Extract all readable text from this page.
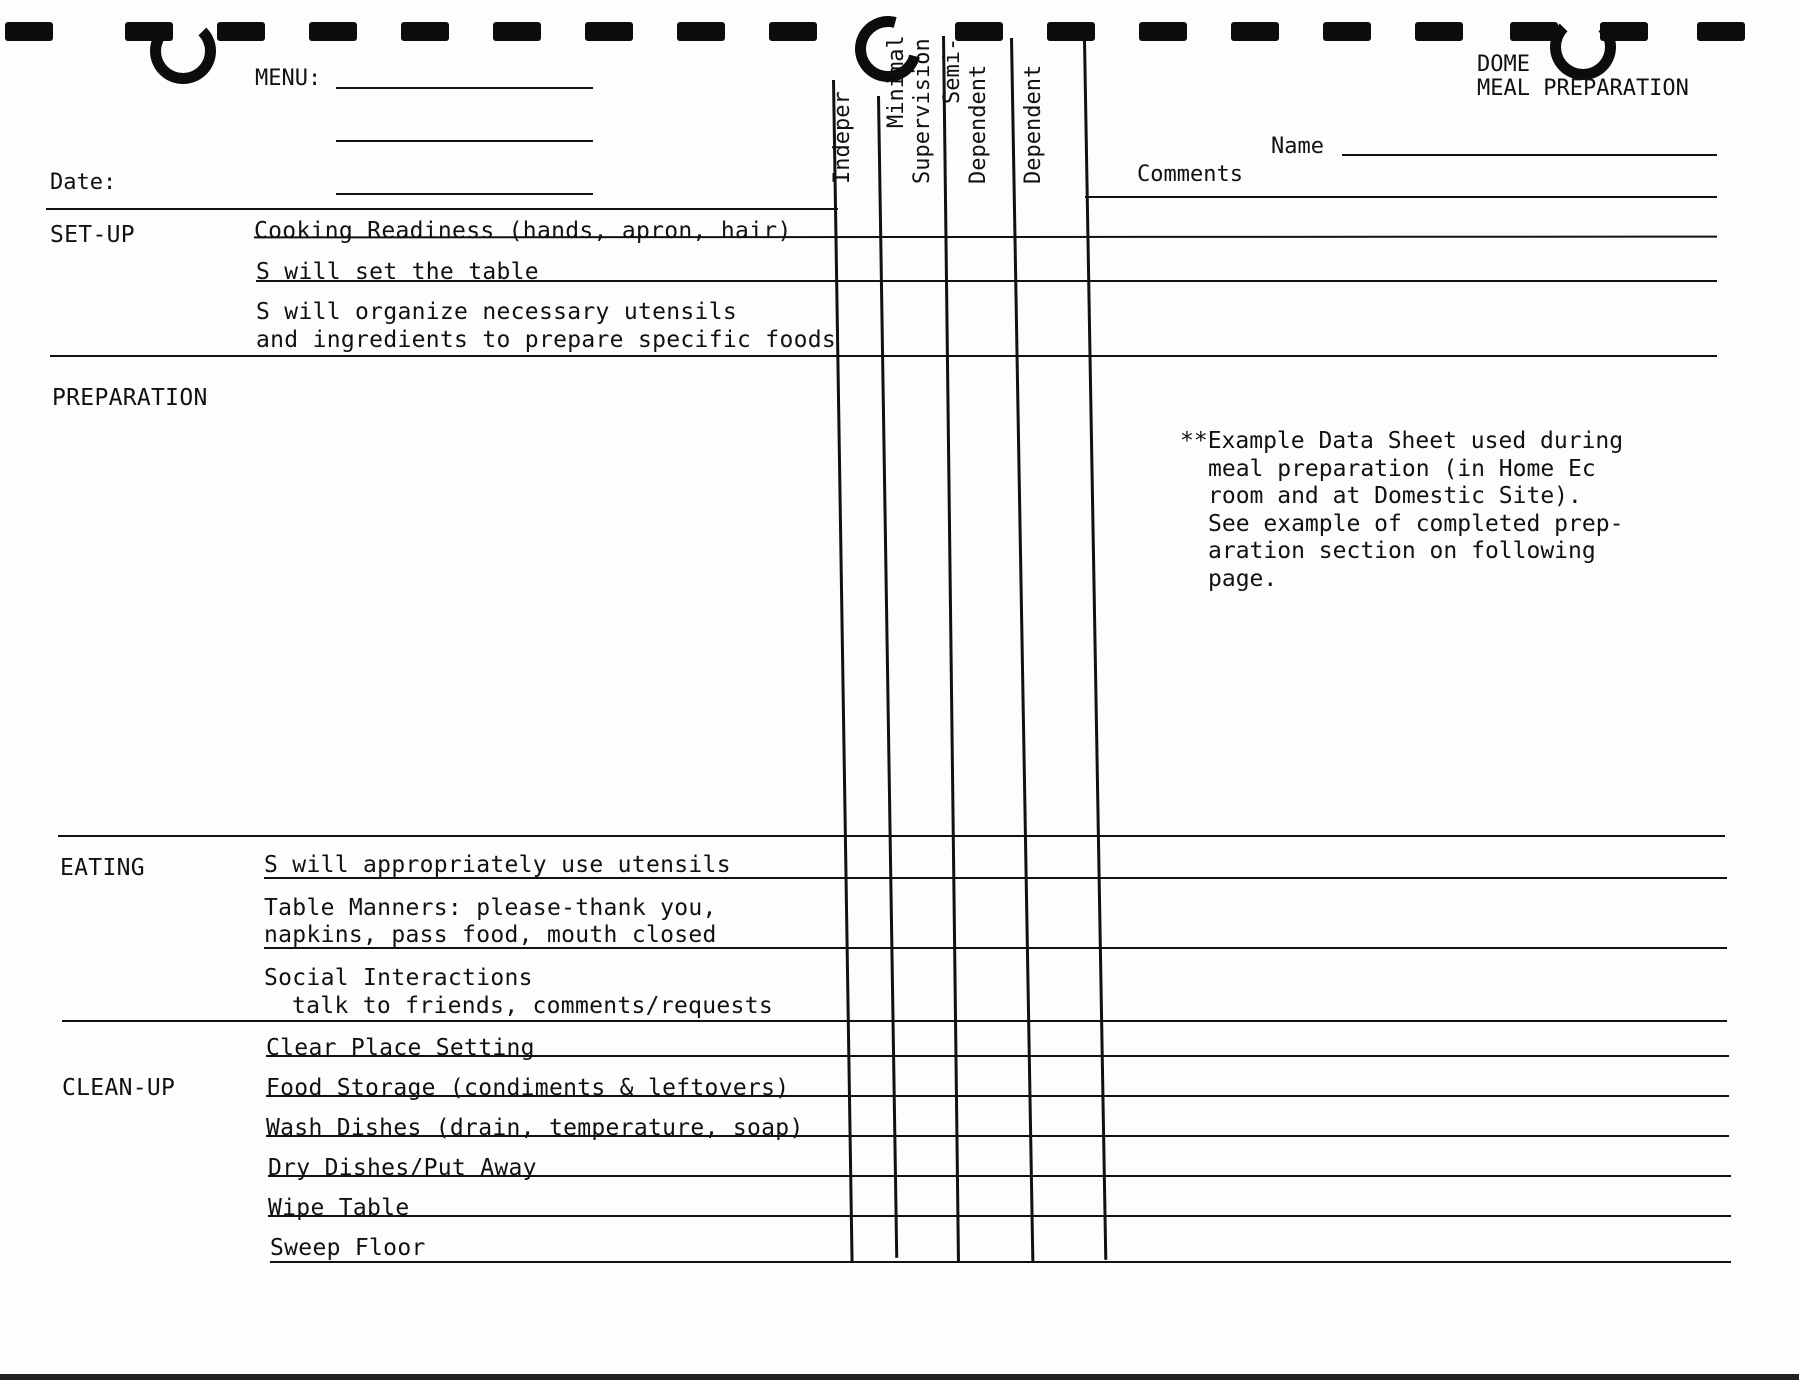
DOME
MEAL PREPARATION
MENU:
Date:
Name
Comments
Indeper
Minimal Supervision Semi- Dependent Dependent
SET-UP	Cooking Readiness (hands, apron, hair)
S will set the table
S will organize necessary utensils
and ingredients to prepare specific foods
PREPARATION
**Example Data Sheet used during
meal preparation (in Home Ec
room and at Domestic Site).
See example of completed prep-
aration section on following
page.
EATING	S will appropriately use utensils
Table Manners: please-thank you,
napkins, pass food, mouth closed
Social Interactions
talk to friends, comments/requests
CLEAN-UP
Clear Place Setting
Food Storage (condiments & leftovers)
Wash Dishes (drain, temperature, soap)
Dry Dishes/Put Away
Wipe Table
Sweep Floor
